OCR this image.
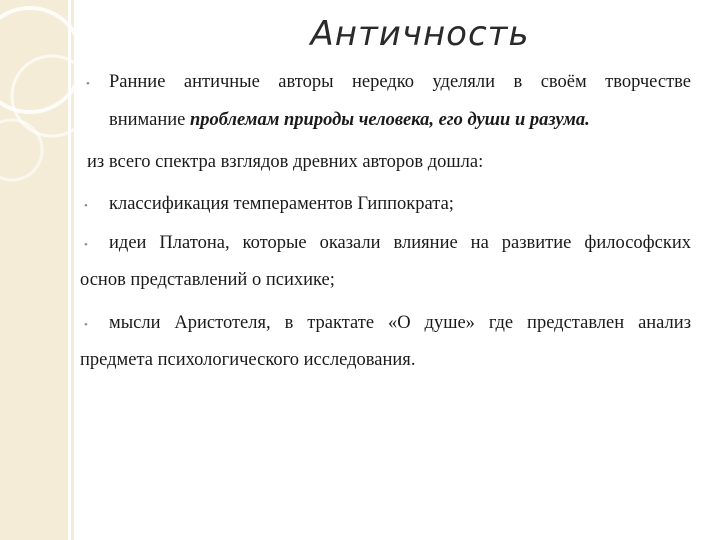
Античность
• Ранние античные авторы нередко уделяли в своём творчестве
внимание проблемам природы человека, его души и разума.
из всего спектра взглядов древних авторов дошла:
• классификация темпераментов Гиппократа;
• идеи Платона, которые оказали влияние на развитие философских
основ представлений о психике;
• мысли Аристотеля, в трактате «О душе» где представлен анализ
предмета психологического исследования.
